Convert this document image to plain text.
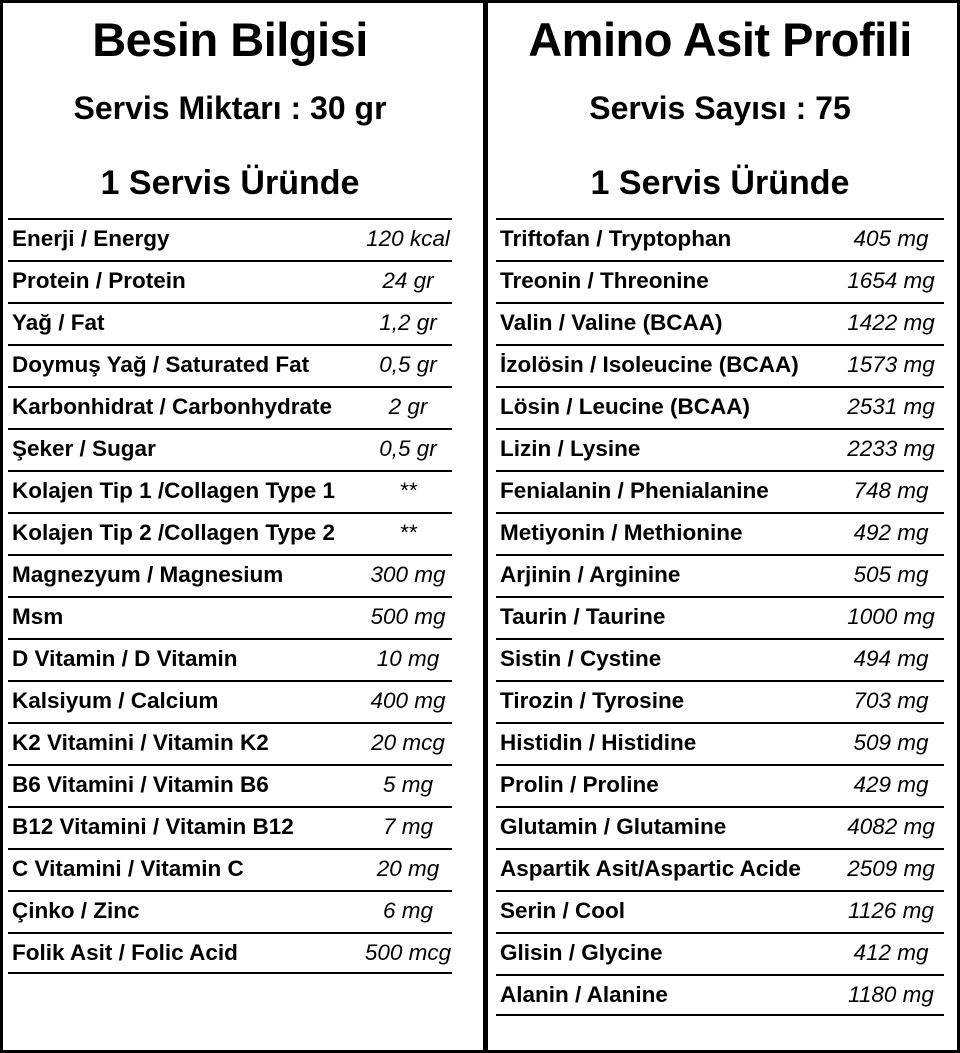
Besin Bilgisi
Servis Miktarı : 30 gr
1 Servis Üründe
Enerji / Energy	120 kcal
Protein / Protein	24 gr
Yağ / Fat	1,2 gr
Doymuş Yağ / Saturated Fat	0,5 gr
Karbonhidrat / Carbonhydrate	2 gr
Şeker / Sugar	0,5 gr
Kolajen Tip 1 /Collagen Type 1	**
Kolajen Tip 2 /Collagen Type 2	**
Magnezyum / Magnesium	300 mg
Msm	500 mg
D Vitamin / D Vitamin	10 mg
Kalsiyum / Calcium	400 mg
K2 Vitamini / Vitamin K2	20 mcg
B6 Vitamini / Vitamin B6	5 mg
B12 Vitamini / Vitamin B12	7 mg
C Vitamini / Vitamin C	20 mg
Çinko / Zinc	6 mg
Folik Asit / Folic Acid	500 mcg
Amino Asit Profili
Servis Sayısı : 75
1 Servis Üründe
Triftofan / Tryptophan	405 mg
Treonin / Threonine	1654 mg
Valin / Valine (BCAA)	1422 mg
İzolösin / Isoleucine (BCAA)	1573 mg
Lösin / Leucine (BCAA)	2531 mg
Lizin / Lysine	2233 mg
Fenialanin / Phenialanine	748 mg
Metiyonin / Methionine	492 mg
Arjinin / Arginine	505 mg
Taurin / Taurine	1000 mg
Sistin / Cystine	494 mg
Tirozin / Tyrosine	703 mg
Histidin / Histidine	509 mg
Prolin / Proline	429 mg
Glutamin / Glutamine	4082 mg
Aspartik Asit/Aspartic Acide	2509 mg
Serin / Cool	1126 mg
Glisin / Glycine	412 mg
Alanin / Alanine	1180 mg
